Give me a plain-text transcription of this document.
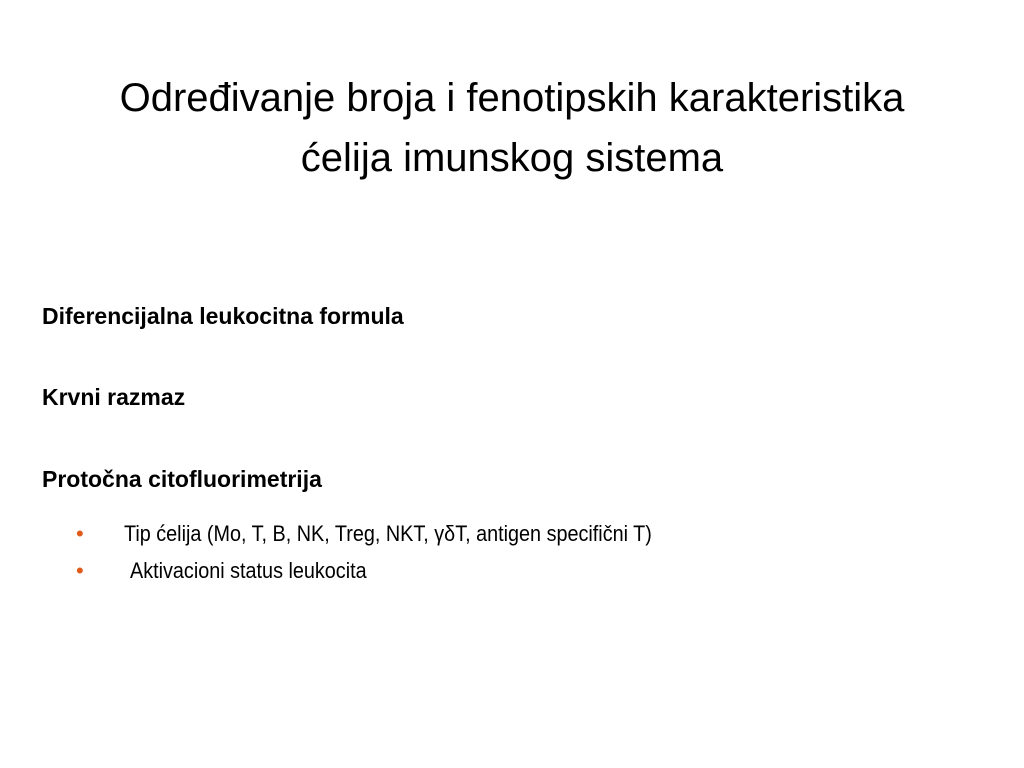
Određivanje broja i fenotipskih karakteristika
ćelija imunskog sistema

Diferencijalna leukocitna formula

Krvni razmaz

Protočna citofluorimetrija

• Tip ćelija (Mo, T, B, NK, Treg, NKT, γδT, antigen specifični T)
• Aktivacioni status leukocita
